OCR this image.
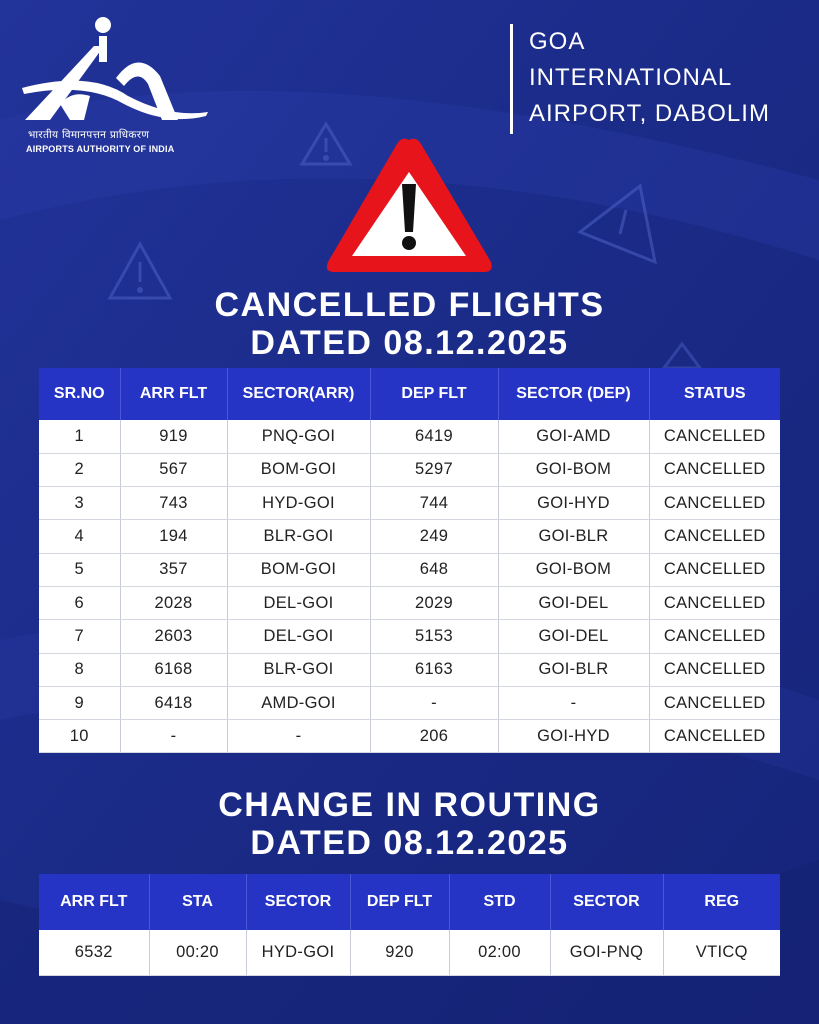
भारतीय विमानपत्तन प्राधिकरण
AIRPORTS AUTHORITY OF INDIA
GOA
INTERNATIONAL
AIRPORT, DABOLIM
CANCELLED FLIGHTS
DATED 08.12.2025
SR.NO	ARR FLT	SECTOR(ARR)	DEP FLT	SECTOR (DEP)	STATUS
1	919	PNQ-GOI	6419	GOI-AMD	CANCELLED
2	567	BOM-GOI	5297	GOI-BOM	CANCELLED
3	743	HYD-GOI	744	GOI-HYD	CANCELLED
4	194	BLR-GOI	249	GOI-BLR	CANCELLED
5	357	BOM-GOI	648	GOI-BOM	CANCELLED
6	2028	DEL-GOI	2029	GOI-DEL	CANCELLED
7	2603	DEL-GOI	5153	GOI-DEL	CANCELLED
8	6168	BLR-GOI	6163	GOI-BLR	CANCELLED
9	6418	AMD-GOI	-	-	CANCELLED
10	-	-	206	GOI-HYD	CANCELLED
CHANGE IN ROUTING
DATED 08.12.2025
ARR FLT	STA	SECTOR	DEP FLT	STD	SECTOR	REG
6532	00:20	HYD-GOI	920	02:00	GOI-PNQ	VTICQ
